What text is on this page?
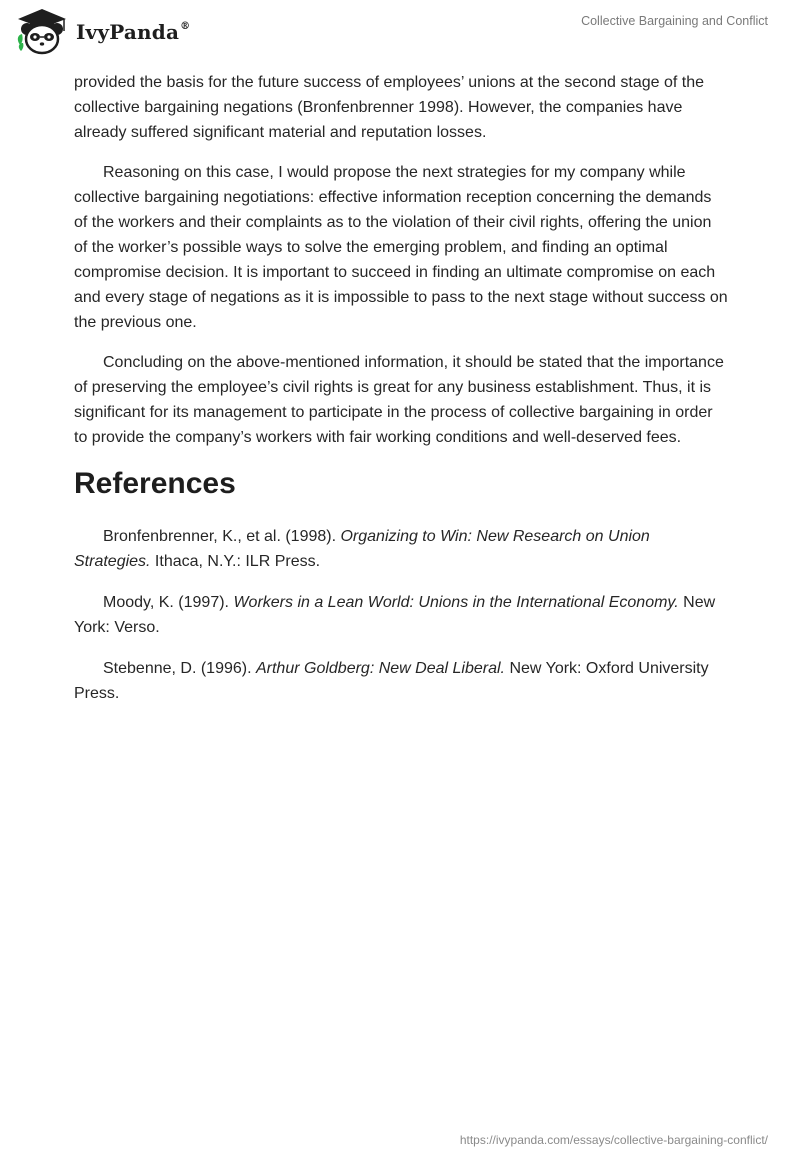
IvyPanda®	Collective Bargaining and Conflict

provided the basis for the future success of employees’ unions at the second stage of the collective bargaining negations (Bronfenbrenner 1998). However, the companies have already suffered significant material and reputation losses.

Reasoning on this case, I would propose the next strategies for my company while collective bargaining negotiations: effective information reception concerning the demands of the workers and their complaints as to the violation of their civil rights, offering the union of the worker’s possible ways to solve the emerging problem, and finding an optimal compromise decision. It is important to succeed in finding an ultimate compromise on each and every stage of negations as it is impossible to pass to the next stage without success on the previous one.

Concluding on the above-mentioned information, it should be stated that the importance of preserving the employee’s civil rights is great for any business establishment. Thus, it is significant for its management to participate in the process of collective bargaining in order to provide the company’s workers with fair working conditions and well-deserved fees.

References

Bronfenbrenner, K., et al. (1998). Organizing to Win: New Research on Union Strategies. Ithaca, N.Y.: ILR Press.

Moody, K. (1997). Workers in a Lean World: Unions in the International Economy. New York: Verso.

Stebenne, D. (1996). Arthur Goldberg: New Deal Liberal. New York: Oxford University Press.

https://ivypanda.com/essays/collective-bargaining-conflict/
